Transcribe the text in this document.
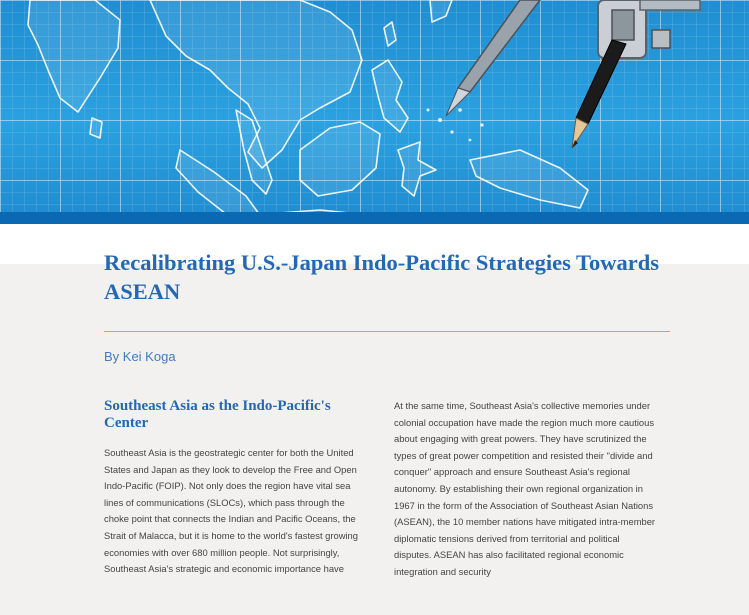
Recalibrating U.S.-Japan Indo-Pacific Strategies Towards ASEAN
By Kei Koga
Southeast Asia as the Indo-Pacific's Center

Southeast Asia is the geostrategic center for both the United States and Japan as they look to develop the Free and Open Indo-Pacific (FOIP). Not only does the region have vital sea lines of communications (SLOCs), which pass through the choke point that connects the Indian and Pacific Oceans, the Strait of Malacca, but it is home to the world's fastest growing economies with over 680 million people. Not surprisingly, Southeast Asia's strategic and economic importance have

At the same time, Southeast Asia's collective memories under colonial occupation have made the region much more cautious about engaging with great powers. They have scrutinized the types of great power competition and resisted their "divide and conquer" approach and ensure Southeast Asia's regional autonomy. By establishing their own regional organization in 1967 in the form of the Association of Southeast Asian Nations (ASEAN), the 10 member nations have mitigated intra-member diplomatic tensions derived from territorial and political disputes. ASEAN has also facilitated regional economic integration and security
